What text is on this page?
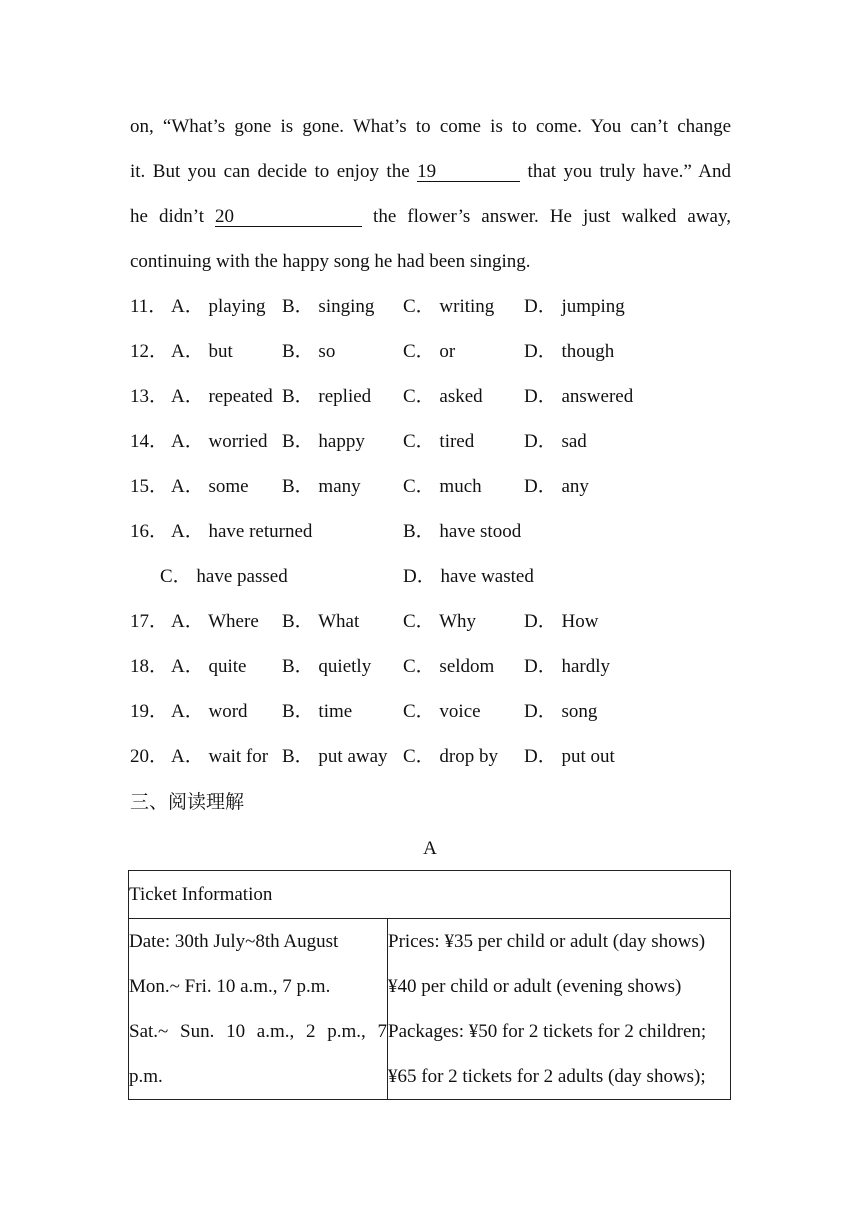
on, “What’s gone is gone. What’s to come is to come. You can’t change
it. But you can decide to enjoy the 19	that you truly have.” And
he didn’t 20	the flower’s answer. He just walked away,
continuing with the happy song he had been singing.
11． A． playing B． singing C． writing D． jumping
12． A． but	B． so	C． or	D． though
13． A． repeated B． replied C． asked D． answered
14． A． worried B． happy C． tired	D． sad
15． A． some B． many C． much D． any
16． A． have returned	B． have stood
C． have passed	D． have wasted
17． A． Where B． What C． Why	D． How
18． A． quite B． quietly C． seldom D． hardly
19． A． word B． time	C． voice D． song
20． A． wait for B． put away C． drop by D． put out
三、阅读理解
A
Ticket Information

Date: 30th July~8th August
Mon.~ Fri. 10 a.m., 7 p.m.
Sat.~ Sun. 10 a.m., 2 p.m., 7
p.m.

Prices: ¥35 per child or adult (day shows)
¥40 per child or adult (evening shows)
Packages: ¥50 for 2 tickets for 2 children;
¥65 for 2 tickets for 2 adults (day shows);
